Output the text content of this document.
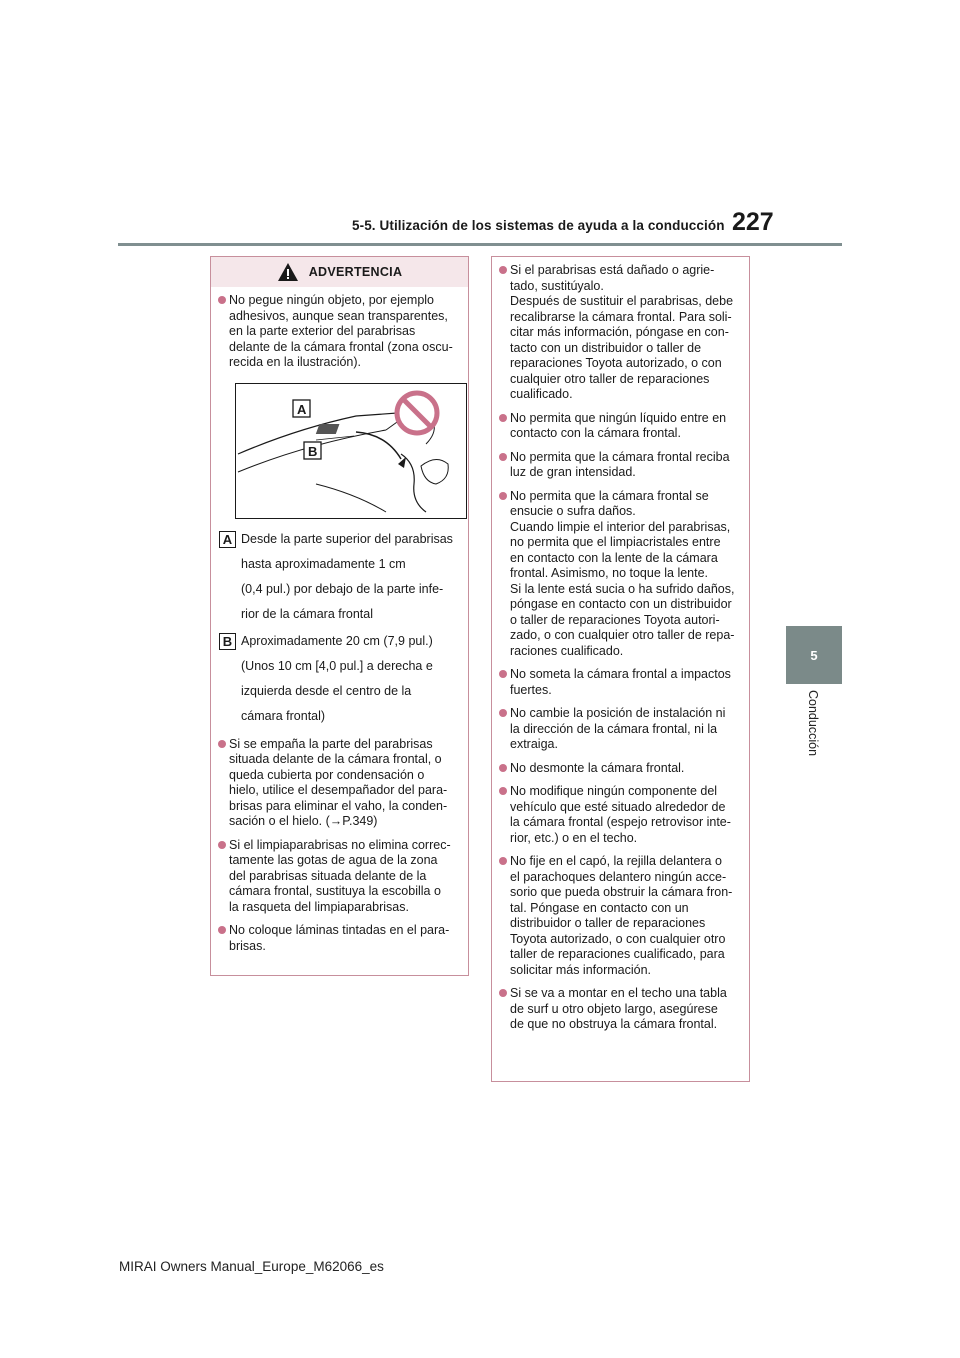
5-5. Utilización de los sistemas de ayuda a la conducción 227
5
Conducción
ADVERTENCIA
No pegue ningún objeto, por ejemplo
adhesivos, aunque sean transparentes,
en la parte exterior del parabrisas
delante de la cámara frontal (zona oscu-
recida en la ilustración).
A
B
A Desde la parte superior del parabrisas
hasta aproximadamente 1 cm
(0,4 pul.) por debajo de la parte infe-
rior de la cámara frontal
B Aproximadamente 20 cm (7,9 pul.)
(Unos 10 cm [4,0 pul.] a derecha e
izquierda desde el centro de la
cámara frontal)
Si se empaña la parte del parabrisas
situada delante de la cámara frontal, o
queda cubierta por condensación o
hielo, utilice el desempañador del para-
brisas para eliminar el vaho, la conden-
sación o el hielo. (→P.349)
Si el limpiaparabrisas no elimina correc-
tamente las gotas de agua de la zona
del parabrisas situada delante de la
cámara frontal, sustituya la escobilla o
la rasqueta del limpiaparabrisas.
No coloque láminas tintadas en el para-
brisas.
Si el parabrisas está dañado o agrie-
tado, sustitúyalo.
Después de sustituir el parabrisas, debe
recalibrarse la cámara frontal. Para soli-
citar más información, póngase en con-
tacto con un distribuidor o taller de
reparaciones Toyota autorizado, o con
cualquier otro taller de reparaciones
cualificado.
No permita que ningún líquido entre en
contacto con la cámara frontal.
No permita que la cámara frontal reciba
luz de gran intensidad.
No permita que la cámara frontal se
ensucie o sufra daños.
Cuando limpie el interior del parabrisas,
no permita que el limpiacristales entre
en contacto con la lente de la cámara
frontal. Asimismo, no toque la lente.
Si la lente está sucia o ha sufrido daños,
póngase en contacto con un distribuidor
o taller de reparaciones Toyota autori-
zado, o con cualquier otro taller de repa-
raciones cualificado.
No someta la cámara frontal a impactos
fuertes.
No cambie la posición de instalación ni
la dirección de la cámara frontal, ni la
extraiga.
No desmonte la cámara frontal.
No modifique ningún componente del
vehículo que esté situado alrededor de
la cámara frontal (espejo retrovisor inte-
rior, etc.) o en el techo.
No fije en el capó, la rejilla delantera o
el parachoques delantero ningún acce-
sorio que pueda obstruir la cámara fron-
tal. Póngase en contacto con un
distribuidor o taller de reparaciones
Toyota autorizado, o con cualquier otro
taller de reparaciones cualificado, para
solicitar más información.
Si se va a montar en el techo una tabla
de surf u otro objeto largo, asegúrese
de que no obstruya la cámara frontal.
MIRAI Owners Manual_Europe_M62066_es
